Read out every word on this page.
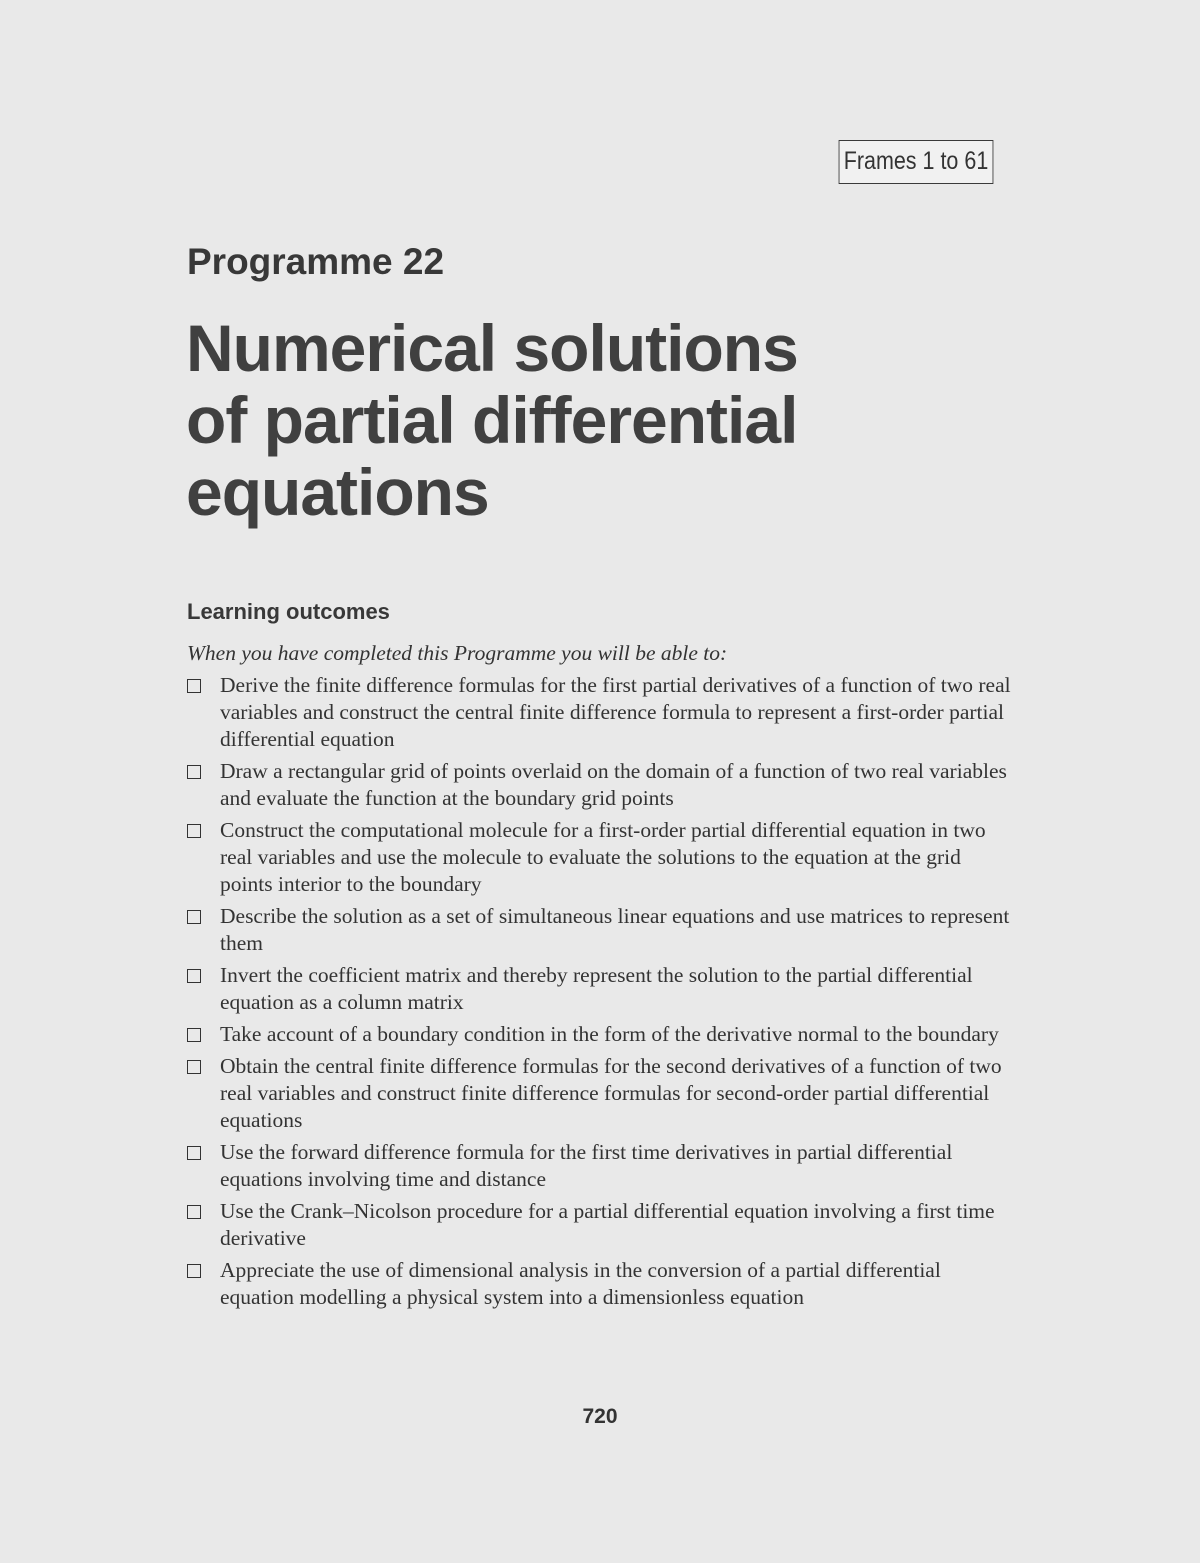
Frames 1 to 61
Programme 22
Numerical solutions
of partial differential
equations
Learning outcomes
When you have completed this Programme you will be able to:
Derive the finite difference formulas for the first partial derivatives of a function of two real variables and construct the central finite difference formula to represent a first-order partial differential equation
Draw a rectangular grid of points overlaid on the domain of a function of two real variables and evaluate the function at the boundary grid points
Construct the computational molecule for a first-order partial differential equation in two real variables and use the molecule to evaluate the solutions to the equation at the grid points interior to the boundary
Describe the solution as a set of simultaneous linear equations and use matrices to represent them
Invert the coefficient matrix and thereby represent the solution to the partial differential equation as a column matrix
Take account of a boundary condition in the form of the derivative normal to the boundary
Obtain the central finite difference formulas for the second derivatives of a function of two real variables and construct finite difference formulas for second-order partial differential equations
Use the forward difference formula for the first time derivatives in partial differential equations involving time and distance
Use the Crank–Nicolson procedure for a partial differential equation involving a first time derivative
Appreciate the use of dimensional analysis in the conversion of a partial differential equation modelling a physical system into a dimensionless equation
720
